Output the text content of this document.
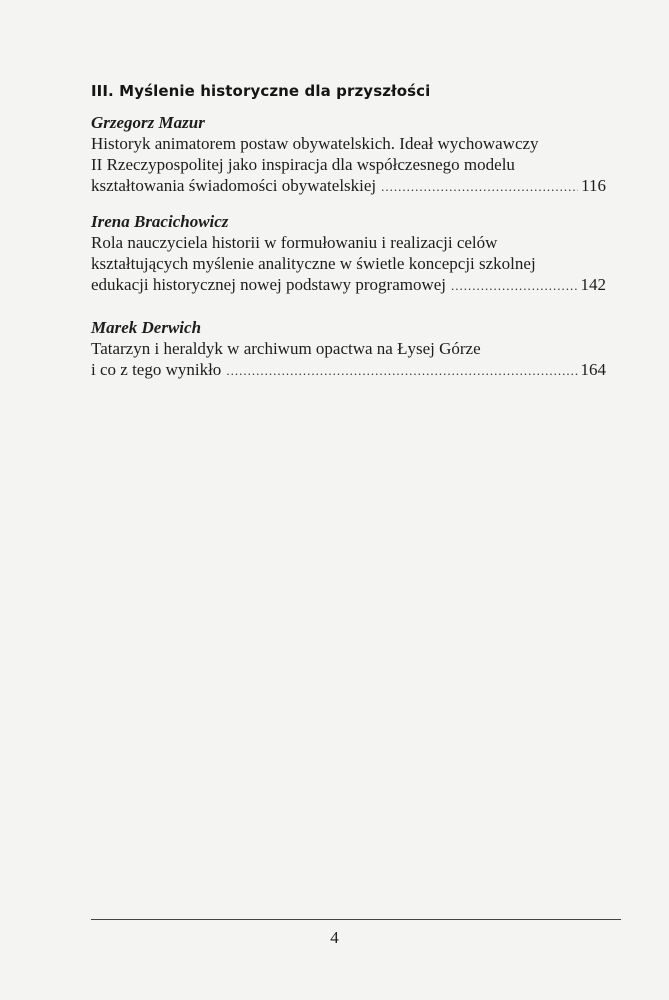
III. Myślenie historyczne dla przyszłości
Grzegorz Mazur
Historyk animatorem postaw obywatelskich. Ideał wychowawczy
II Rzeczypospolitej jako inspiracja dla współczesnego modelu
kształtowania świadomości obywatelskiej .....	116
Irena Bracichowicz
Rola nauczyciela historii w formułowaniu i realizacji celów
kształtujących myślenie analityczne w świetle koncepcji szkolnej
edukacji historycznej nowej podstawy programowej .....	142
Marek Derwich
Tatarzyn i heraldyk w archiwum opactwa na Łysej Górze
i co z tego wynikło .....	164
4
